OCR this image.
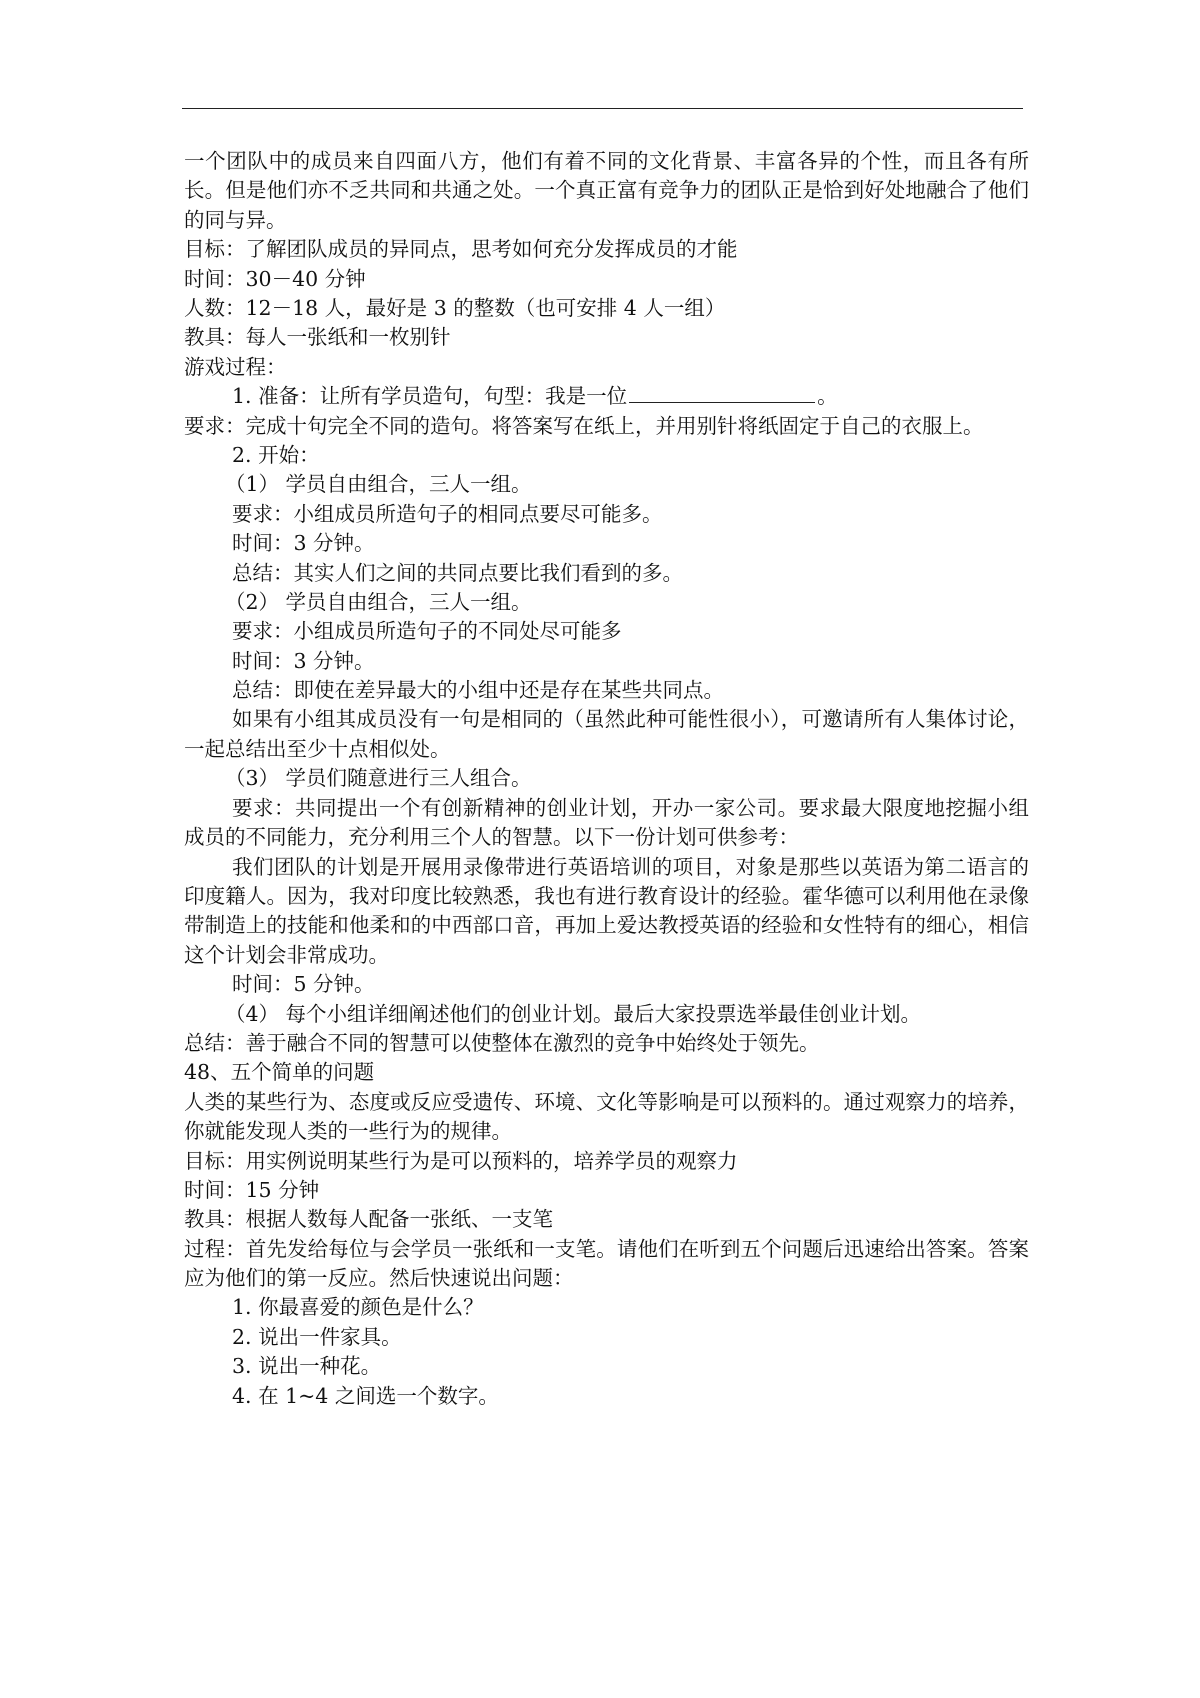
一个团队中的成员来自四面八方，他们有着不同的文化背景、丰富各异的个性，而且各有所长。但是他们亦不乏共同和共通之处。一个真正富有竞争力的团队正是恰到好处地融合了他们的同与异。
目标：了解团队成员的异同点，思考如何充分发挥成员的才能
时间：30－40 分钟
人数：12－18 人，最好是 3 的整数（也可安排 4 人一组）
教具：每人一张纸和一枚别针
游戏过程：
1. 准备：让所有学员造句，句型：我是一位	。
要求：完成十句完全不同的造句。将答案写在纸上，并用别针将纸固定于自己的衣服上。
2. 开始：
（1） 学员自由组合，三人一组。
要求：小组成员所造句子的相同点要尽可能多。
时间：3 分钟。
总结：其实人们之间的共同点要比我们看到的多。
（2） 学员自由组合，三人一组。
要求：小组成员所造句子的不同处尽可能多
时间：3 分钟。
总结：即使在差异最大的小组中还是存在某些共同点。
如果有小组其成员没有一句是相同的（虽然此种可能性很小），可邀请所有人集体讨论，一起总结出至少十点相似处。
（3） 学员们随意进行三人组合。
要求：共同提出一个有创新精神的创业计划，开办一家公司。要求最大限度地挖掘小组成员的不同能力，充分利用三个人的智慧。以下一份计划可供参考：
我们团队的计划是开展用录像带进行英语培训的项目，对象是那些以英语为第二语言的印度籍人。因为，我对印度比较熟悉，我也有进行教育设计的经验。霍华德可以利用他在录像带制造上的技能和他柔和的中西部口音，再加上爱达教授英语的经验和女性特有的细心，相信这个计划会非常成功。
时间：5 分钟。
（4） 每个小组详细阐述他们的创业计划。最后大家投票选举最佳创业计划。
总结：善于融合不同的智慧可以使整体在激烈的竞争中始终处于领先。
48、五个简单的问题
人类的某些行为、态度或反应受遗传、环境、文化等影响是可以预料的。通过观察力的培养，你就能发现人类的一些行为的规律。
目标：用实例说明某些行为是可以预料的，培养学员的观察力
时间：15 分钟
教具：根据人数每人配备一张纸、一支笔
过程：首先发给每位与会学员一张纸和一支笔。请他们在听到五个问题后迅速给出答案。答案应为他们的第一反应。然后快速说出问题：
1. 你最喜爱的颜色是什么？
2. 说出一件家具。
3. 说出一种花。
4. 在 1~4 之间选一个数字。
